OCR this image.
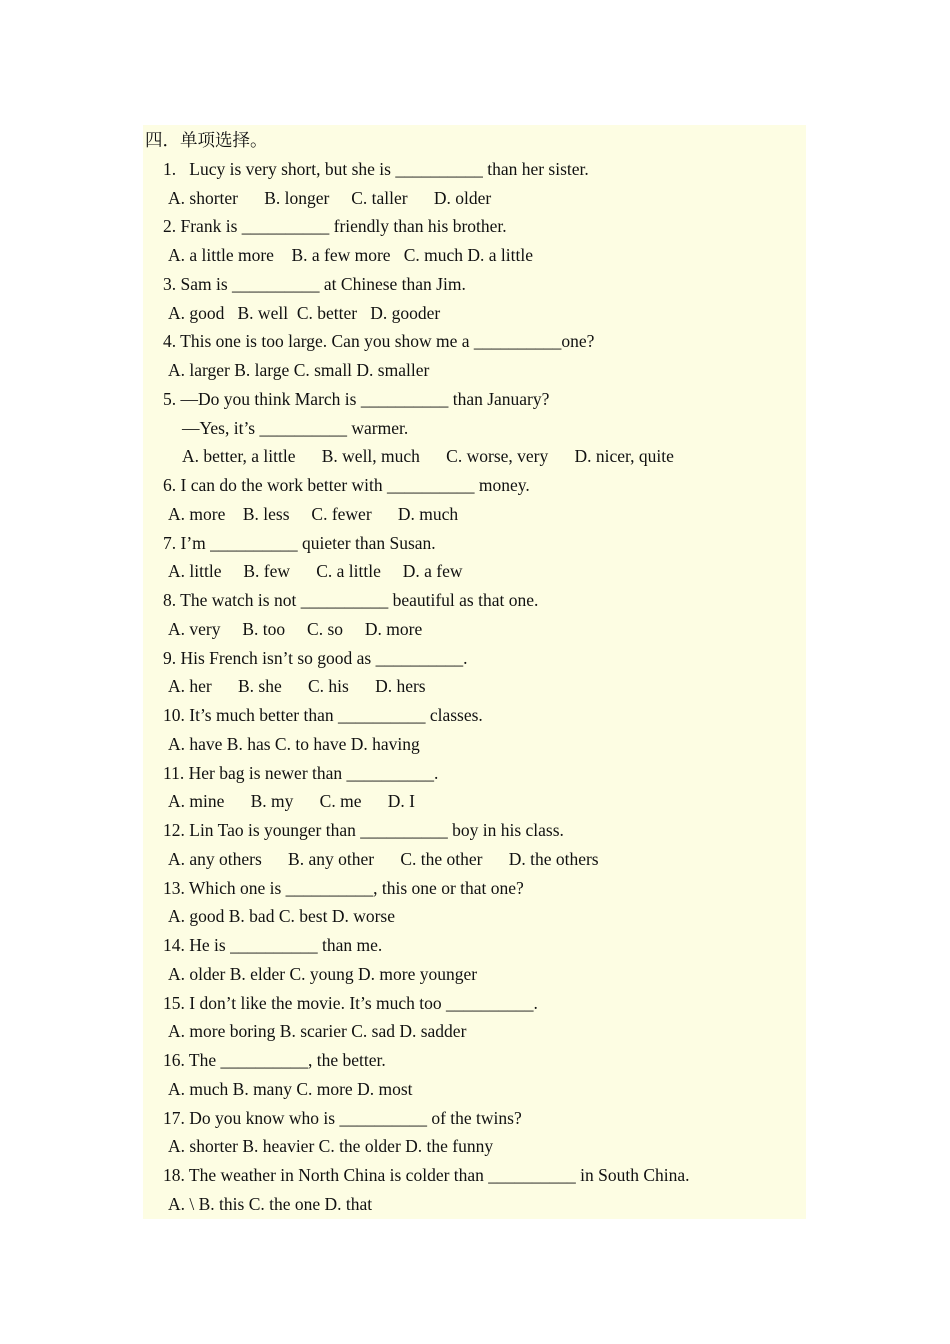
四．单项选择。
1.   Lucy is very short, but she is __________ than her sister.
A. shorter      B. longer     C. taller      D. older
2. Frank is __________ friendly than his brother.
A. a little more    B. a few more   C. much D. a little
3. Sam is __________ at Chinese than Jim.
A. good   B. well  C. better   D. gooder
4. This one is too large. Can you show me a __________one?
A. larger B. large C. small D. smaller
5. —Do you think March is __________ than January?
—Yes, it’s __________ warmer.
A. better, a little      B. well, much      C. worse, very      D. nicer, quite
6. I can do the work better with __________ money.
A. more    B. less     C. fewer      D. much
7. I’m __________ quieter than Susan.
A. little     B. few      C. a little     D. a few
8. The watch is not __________ beautiful as that one.
A. very     B. too     C. so     D. more
9. His French isn’t so good as __________.
A. her      B. she      C. his      D. hers
10. It’s much better than __________ classes.
A. have B. has C. to have D. having
11. Her bag is newer than __________.
A. mine      B. my      C. me      D. I
12. Lin Tao is younger than __________ boy in his class.
A. any others      B. any other      C. the other      D. the others
13. Which one is __________, this one or that one?
A. good B. bad C. best D. worse
14. He is __________ than me.
A. older B. elder C. young D. more younger
15. I don’t like the movie. It’s much too __________.
A. more boring B. scarier C. sad D. sadder
16. The __________, the better.
A. much B. many C. more D. most
17. Do you know who is __________ of the twins?
A. shorter B. heavier C. the older D. the funny
18. The weather in North China is colder than __________ in South China.
A. \ B. this C. the one D. that
